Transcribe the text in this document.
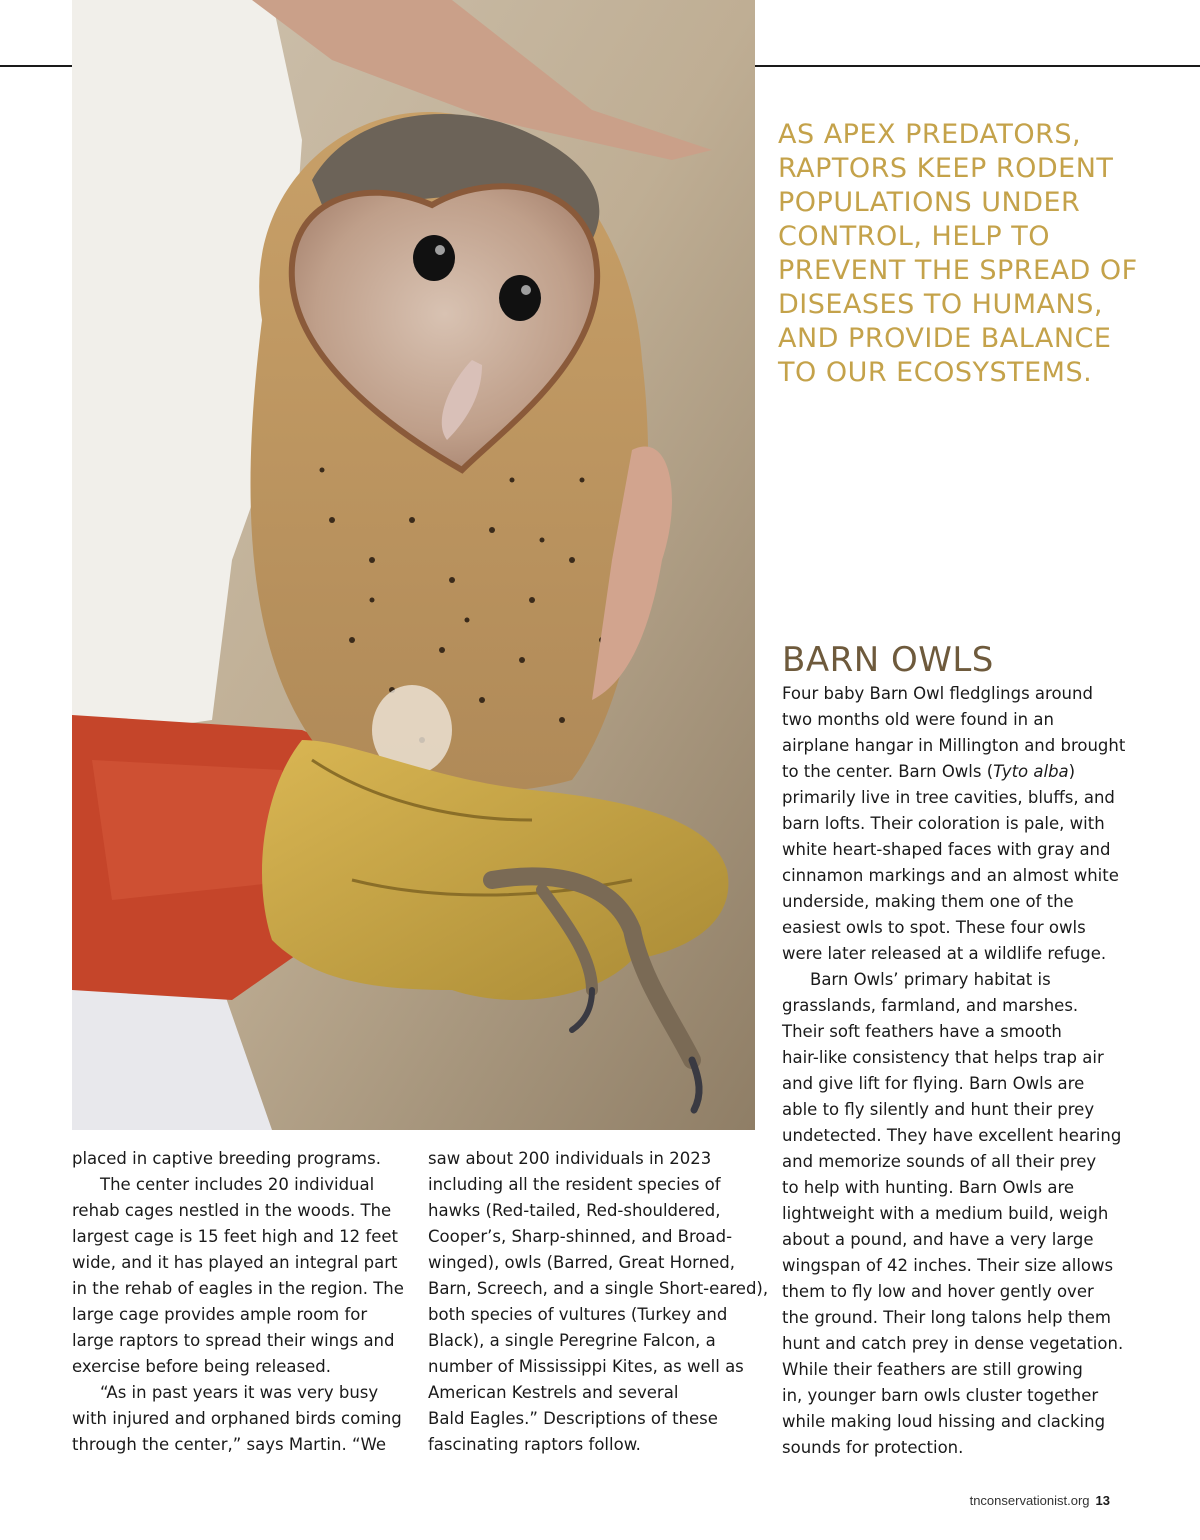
AS APEX PREDATORS,
RAPTORS KEEP RODENT
POPULATIONS UNDER
CONTROL, HELP TO
PREVENT THE SPREAD OF
DISEASES TO HUMANS,
AND PROVIDE BALANCE
TO OUR ECOSYSTEMS.
BARN OWLS
placed in captive breeding programs.
The center includes 20 individual
rehab cages nestled in the woods. The
largest cage is 15 feet high and 12 feet
wide, and it has played an integral part
in the rehab of eagles in the region. The
large cage provides ample room for
large raptors to spread their wings and
exercise before being released.
“As in past years it was very busy
with injured and orphaned birds coming
through the center,” says Martin. “We
saw about 200 individuals in 2023
including all the resident species of
hawks (Red-tailed, Red-shouldered,
Cooper’s, Sharp-shinned, and Broad-
winged), owls (Barred, Great Horned,
Barn, Screech, and a single Short-eared),
both species of vultures (Turkey and
Black), a single Peregrine Falcon, a
number of Mississippi Kites, as well as
American Kestrels and several
Bald Eagles.” Descriptions of these
fascinating raptors follow.
Four baby Barn Owl fledglings around
two months old were found in an
airplane hangar in Millington and brought
to the center. Barn Owls (Tyto alba)
primarily live in tree cavities, bluffs, and
barn lofts. Their coloration is pale, with
white heart-shaped faces with gray and
cinnamon markings and an almost white
underside, making them one of the
easiest owls to spot. These four owls
were later released at a wildlife refuge.
Barn Owls’ primary habitat is
grasslands, farmland, and marshes.
Their soft feathers have a smooth
hair-like consistency that helps trap air
and give lift for flying. Barn Owls are
able to fly silently and hunt their prey
undetected. They have excellent hearing
and memorize sounds of all their prey
to help with hunting. Barn Owls are
lightweight with a medium build, weigh
about a pound, and have a very large
wingspan of 42 inches. Their size allows
them to fly low and hover gently over
the ground. Their long talons help them
hunt and catch prey in dense vegetation.
While their feathers are still growing
in, younger barn owls cluster together
while making loud hissing and clacking
sounds for protection.
tnconservationist.org 13
